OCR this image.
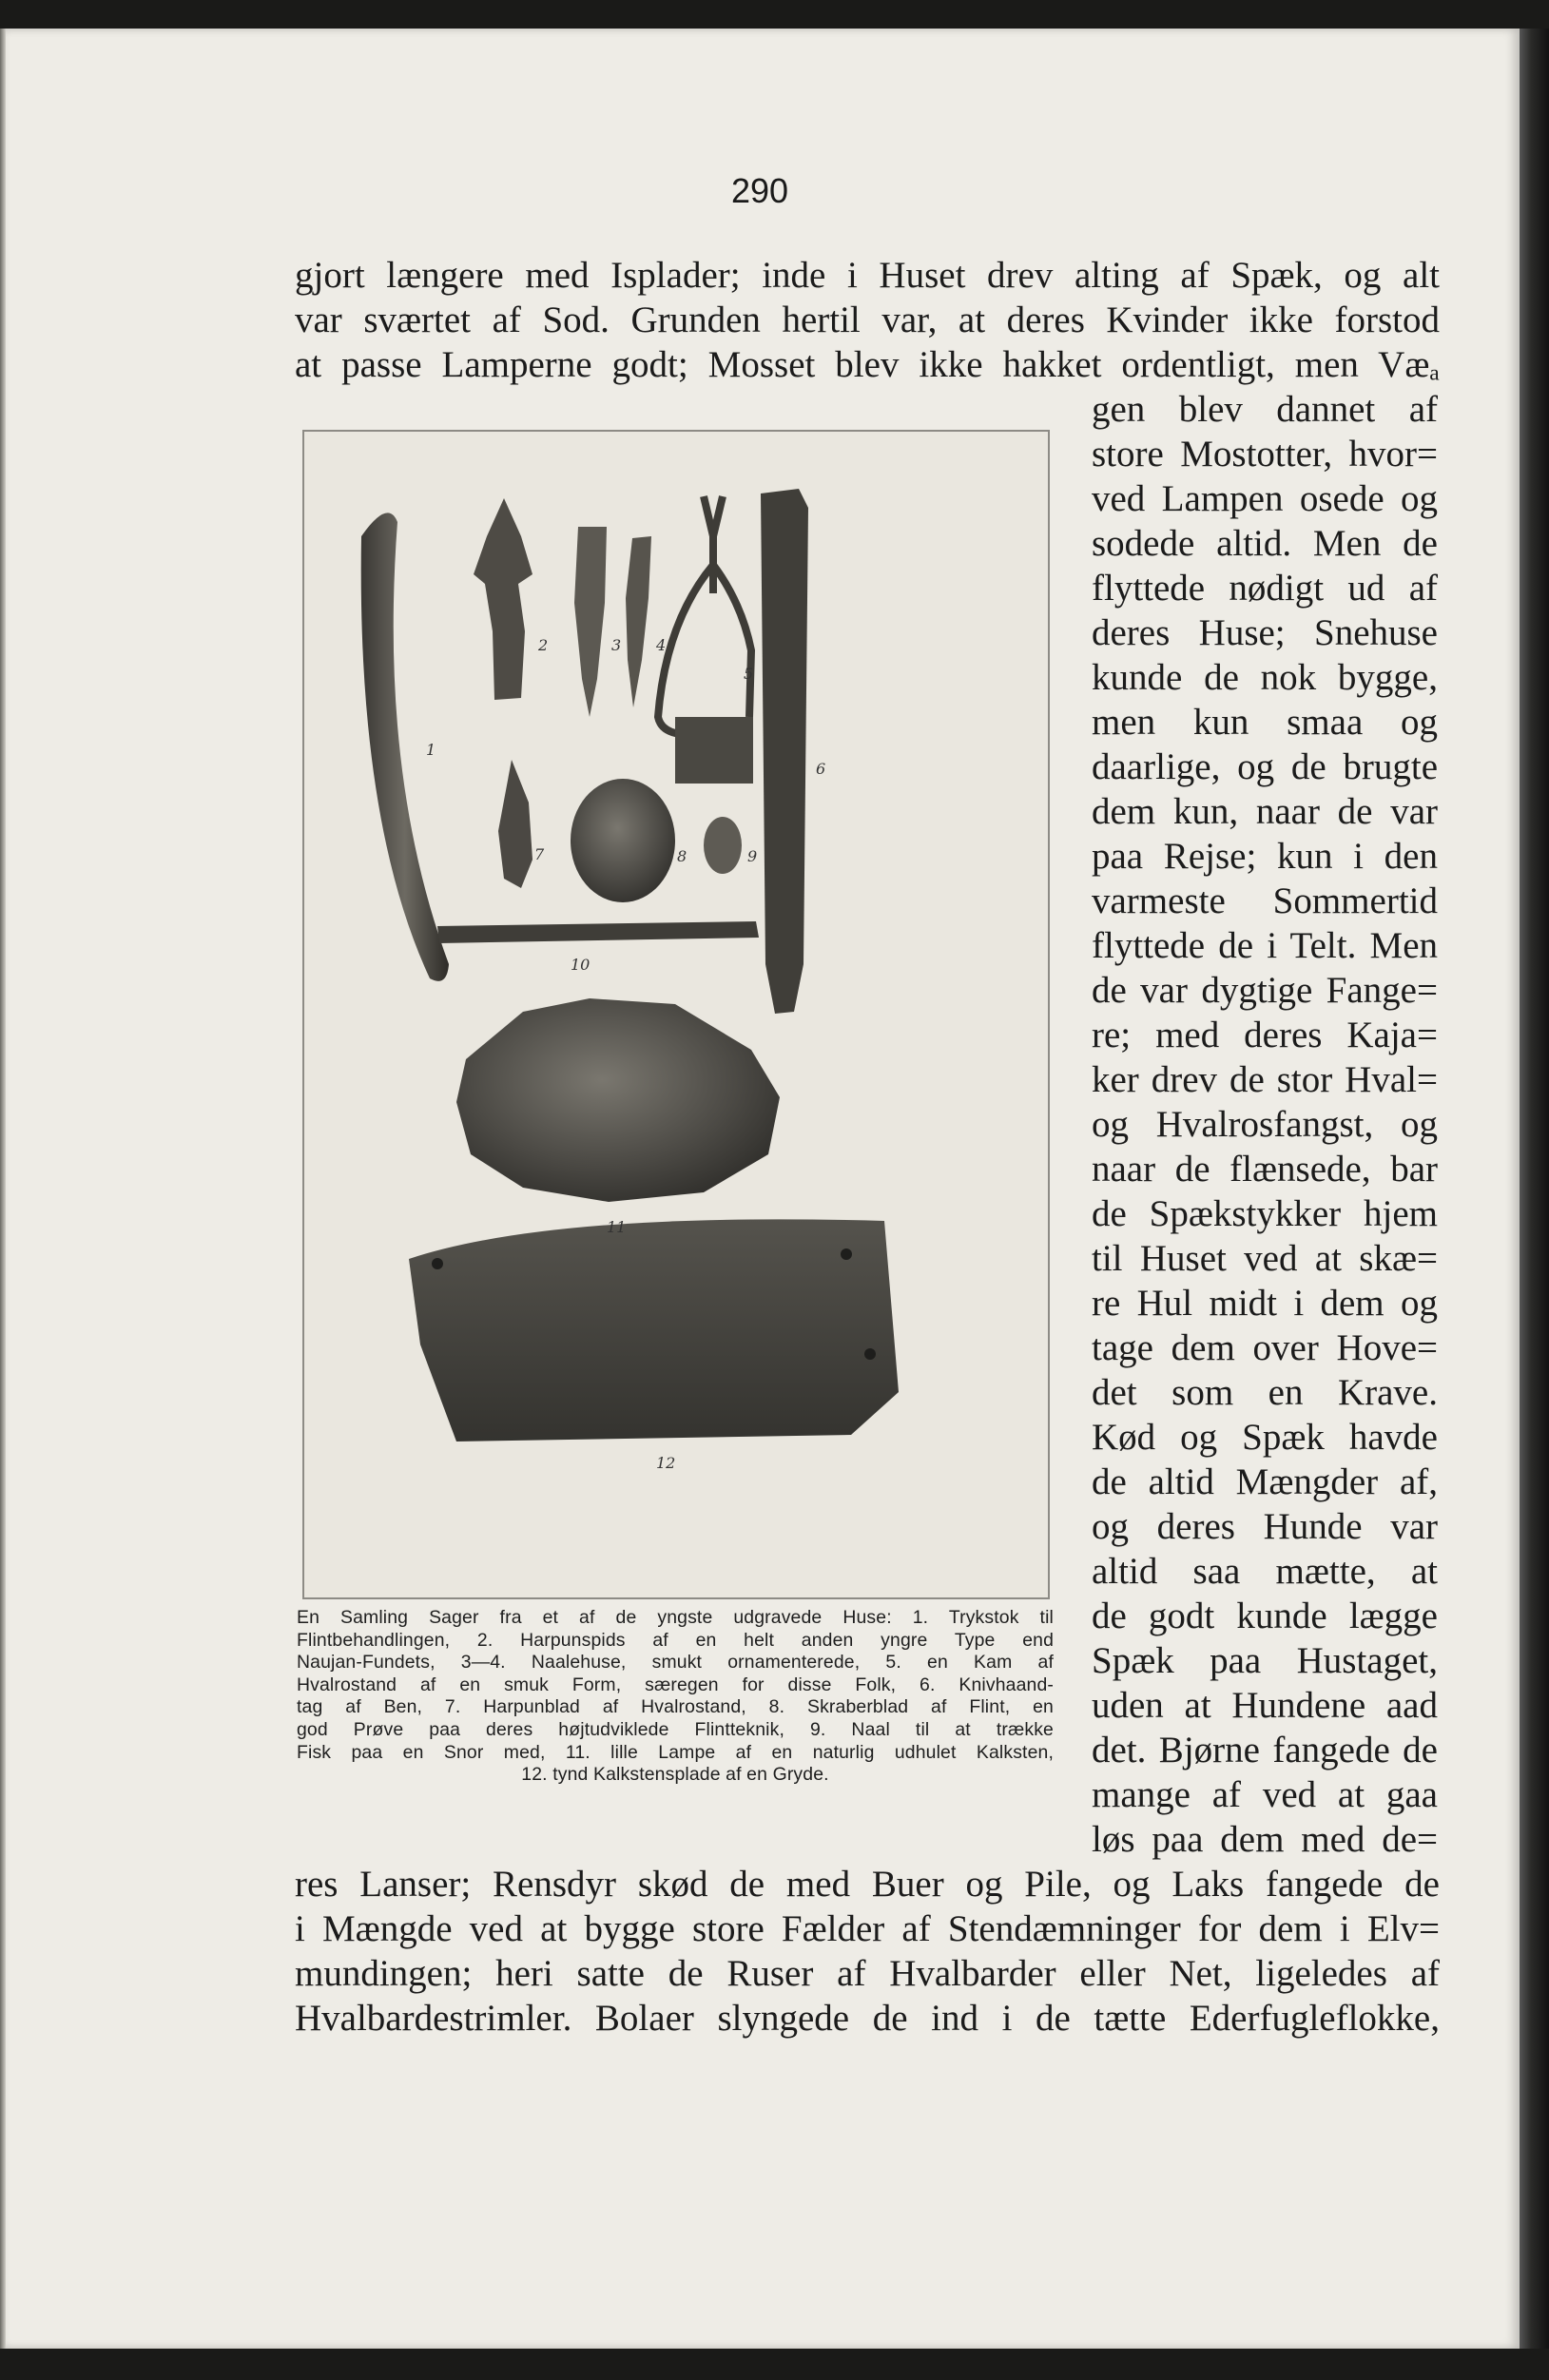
290
gjort længere med Isplader; inde i Huset drev alting af Spæk, og alt
var sværtet af Sod. Grunden hertil var, at deres Kvinder ikke forstod
at passe Lamperne godt; Mosset blev ikke hakket ordentligt, men Væₐ
gen blev dannet af
store Mostotter, hvor=
ved Lampen osede og
sodede altid. Men de
flyttede nødigt ud af
deres Huse; Snehuse
kunde de nok bygge,
men kun smaa og
daarlige, og de brugte
dem kun, naar de var
paa Rejse; kun i den
varmeste Sommertid
flyttede de i Telt. Men
de var dygtige Fange=
re; med deres Kaja=
ker drev de stor Hval=
og Hvalrosfangst, og
naar de flænsede, bar
de Spækstykker hjem
til Huset ved at skæ=
re Hul midt i dem og
tage dem over Hove=
det som en Krave.
Kød og Spæk havde
de altid Mængder af,
og deres Hunde var
altid saa mætte, at
de godt kunde lægge
Spæk paa Hustaget,
uden at Hundene aad
det. Bjørne fangede de
mange af ved at gaa
løs paa dem med de=
res Lanser; Rensdyr skød de med Buer og Pile, og Laks fangede de
i Mængde ved at bygge store Fælder af Stendæmninger for dem i Elv=
mundingen; heri satte de Ruser af Hvalbarder eller Net, ligeledes af
Hvalbardestrimler. Bolaer slyngede de ind i de tætte Ederfugleflokke,
1
2	3 4
5
6
7	8	9
10
11
12
En Samling Sager fra et af de yngste udgravede Huse: 1. Trykstok til
Flintbehandlingen, 2. Harpunspids af en helt anden yngre Type end
Naujan-Fundets, 3—4. Naalehuse, smukt ornamenterede, 5. en Kam af
Hvalrostand af en smuk Form, særegen for disse Folk, 6. Knivhaand-
tag af Ben, 7. Harpunblad af Hvalrostand, 8. Skraberblad af Flint, en
god Prøve paa deres højtudviklede Flintteknik, 9. Naal til at trække
Fisk paa en Snor med, 11. lille Lampe af en naturlig udhulet Kalksten,
12. tynd Kalkstensplade af en Gryde.
